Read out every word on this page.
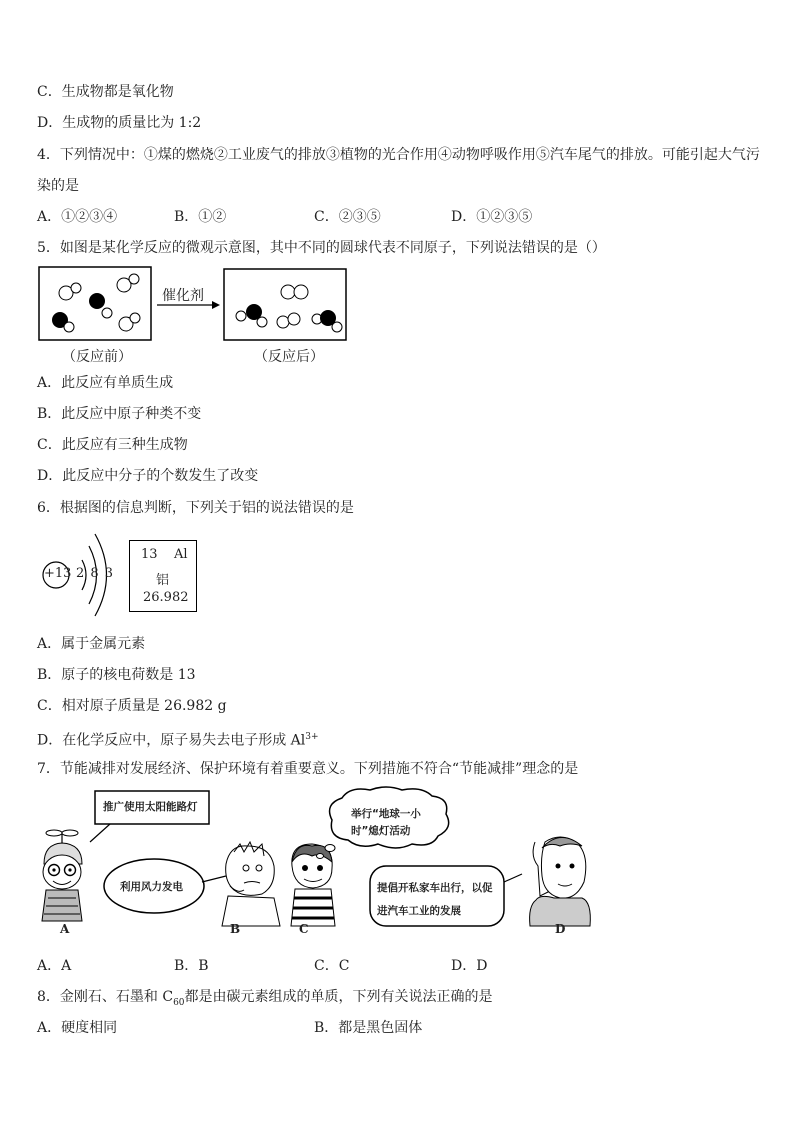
C．生成物都是氧化物
D．生成物的质量比为 1:2
4．下列情况中：①煤的燃烧②工业废气的排放③植物的光合作用④动物呼吸作用⑤汽车尾气的排放。可能引起大气污
染的是
A．①②③④	B．①②	C．②③⑤	D．①②③⑤
5．如图是某化学反应的微观示意图，其中不同的圆球代表不同原子，下列说法错误的是（）
催化剂
（反应前）	（反应后）
A．此反应有单质生成
B．此反应中原子种类不变
C．此反应有三种生成物
D．此反应中分子的个数发生了改变
6．根据图的信息判断，下列关于铝的说法错误的是
+13 2 8 3
13 Al
铝
26.982
A．属于金属元素
B．原子的核电荷数是 13
C．相对原子质量是 26.982 g
D．在化学反应中，原子易失去电子形成 $Al^{3+}$
7．节能减排对发展经济、保护环境有着重要意义。下列措施不符合“节能减排”理念的是
推广使用太阳能路灯
利用风力发电
举行“地球一小
时”熄灯活动
提倡开私家车出行，以促
进汽车工业的发展
A	B	C	D
A．A	B．B	C．C	D．D
8．金刚石、石墨和 $C_{60}$都是由碳元素组成的单质，下列有关说法正确的是
A．硬度相同	B．都是黑色固体
